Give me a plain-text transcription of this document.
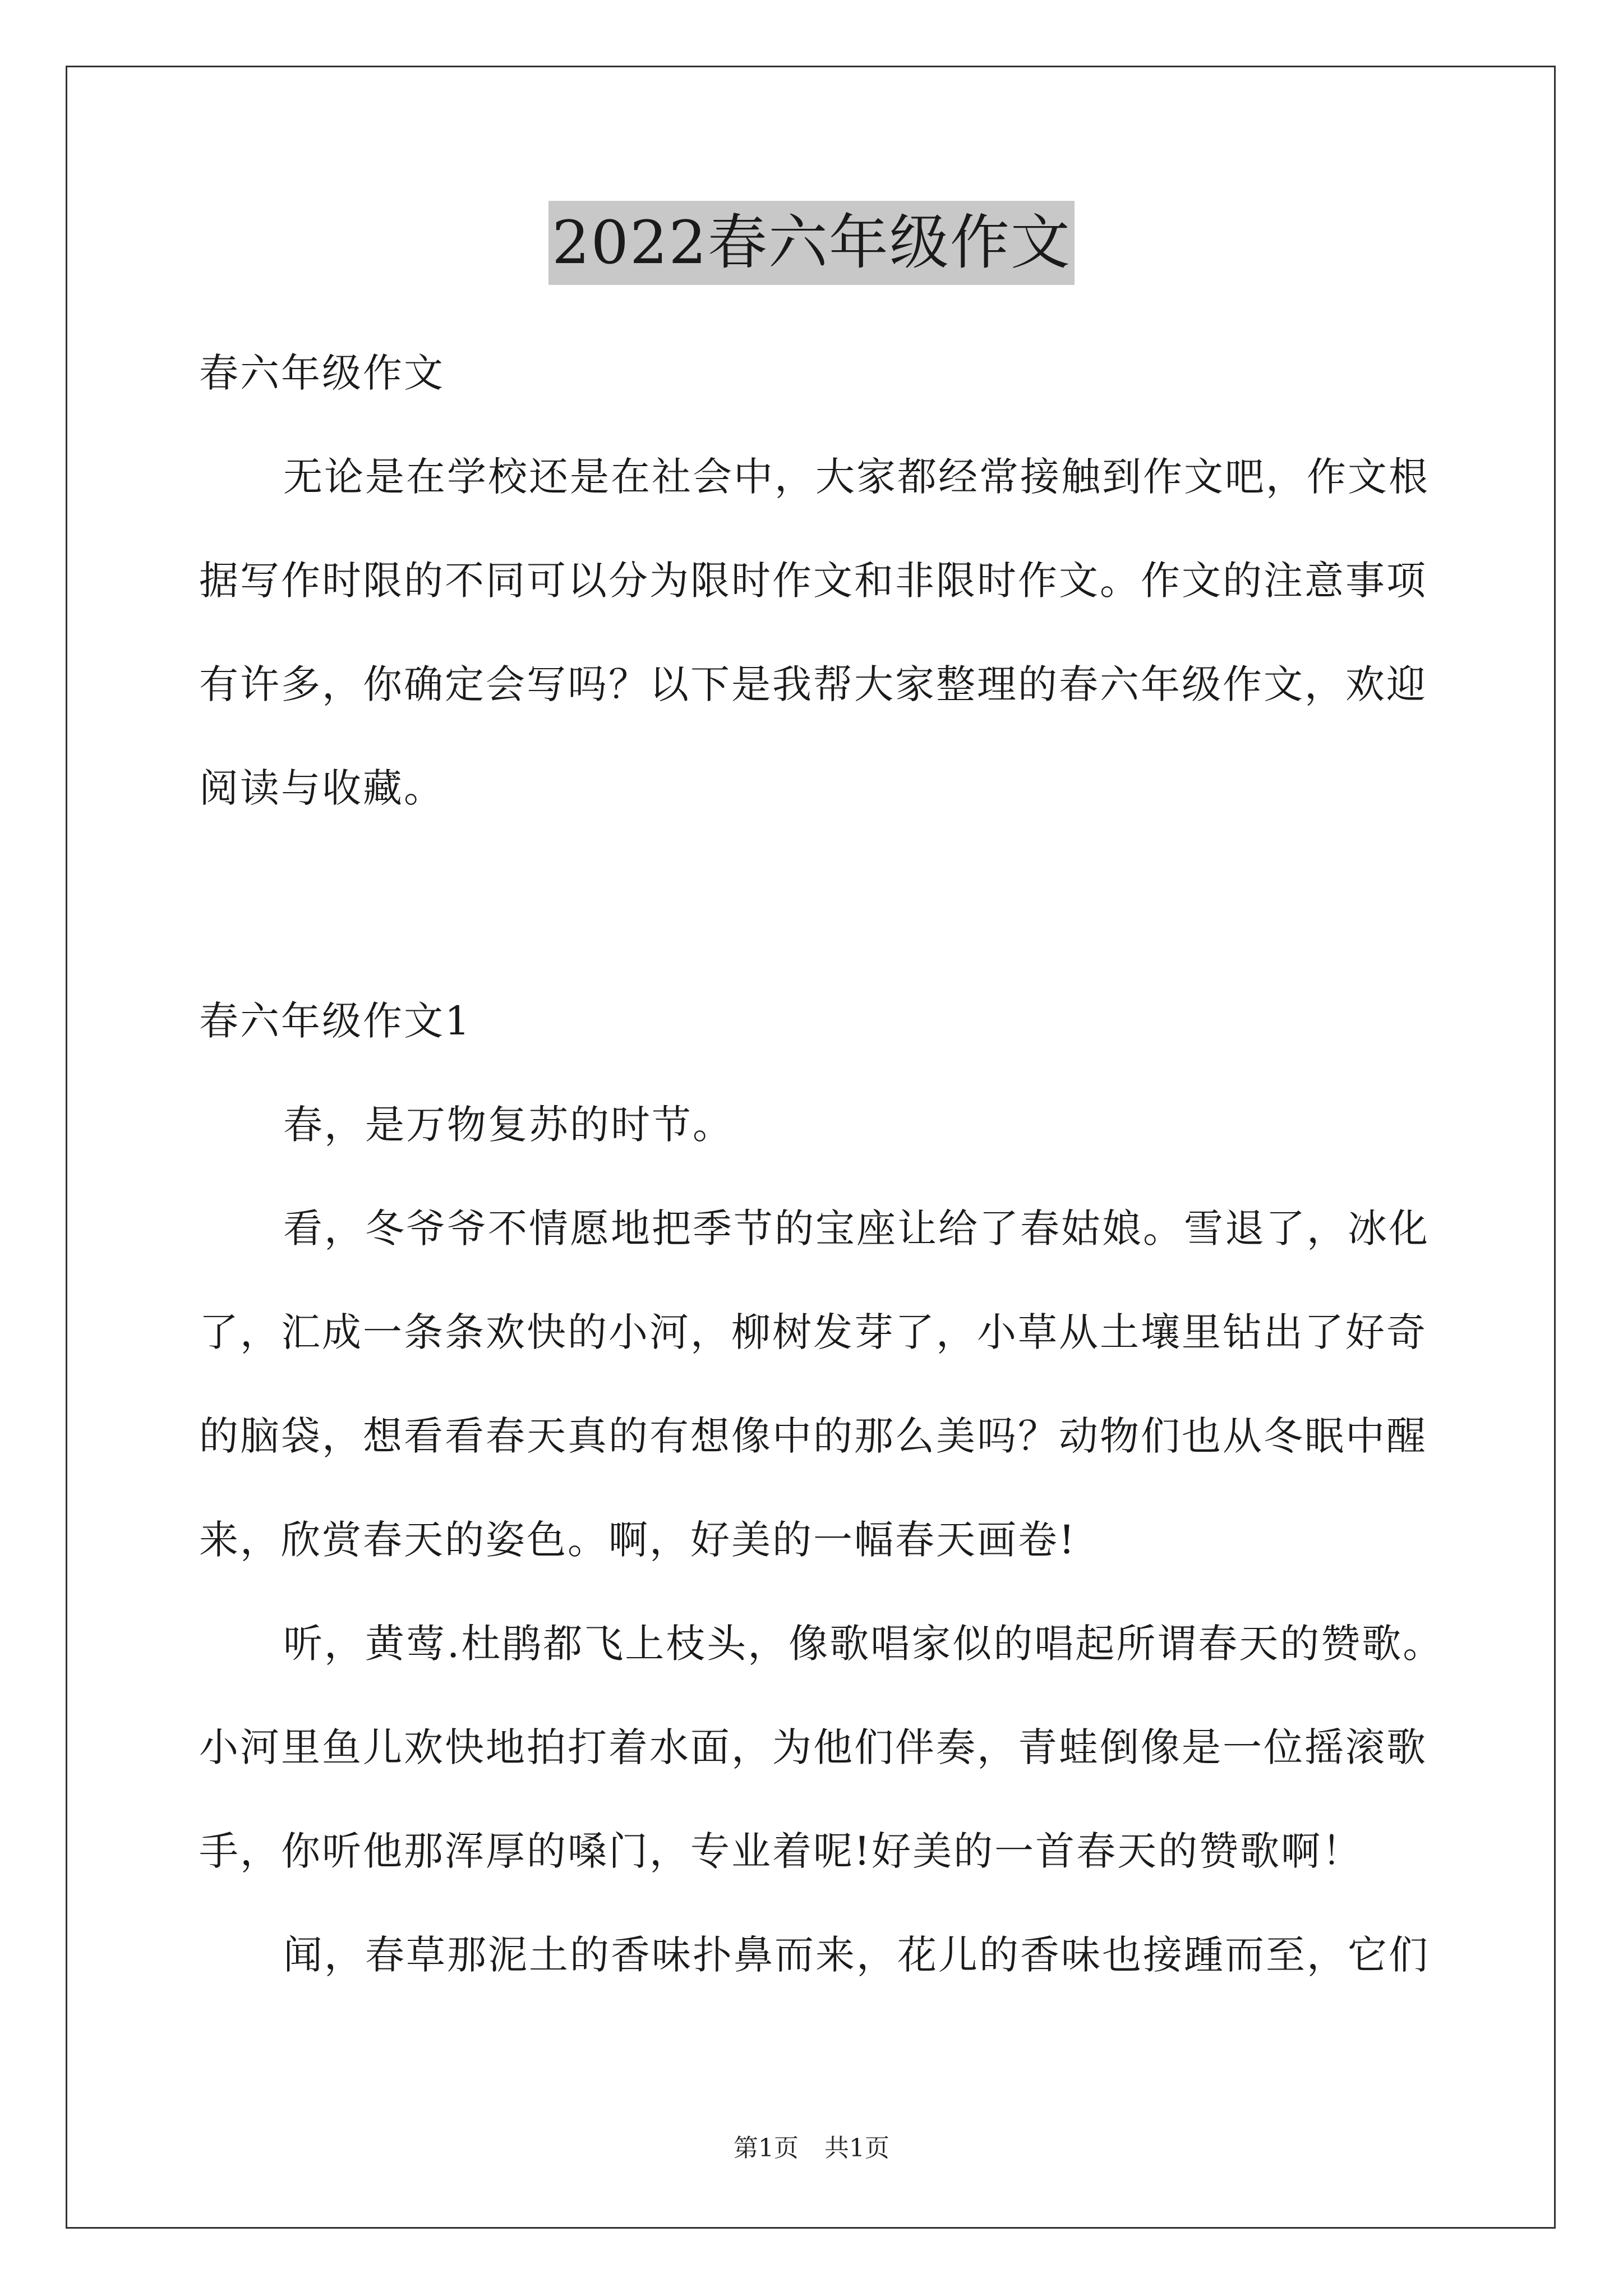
2022春六年级作文
春六年级作文
无论是在学校还是在社会中，大家都经常接触到作文吧，作文根
据写作时限的不同可以分为限时作文和非限时作文。作文的注意事项
有许多，你确定会写吗？以下是我帮大家整理的春六年级作文，欢迎
阅读与收藏。
春六年级作文1
春，是万物复苏的时节。
看，冬爷爷不情愿地把季节的宝座让给了春姑娘。雪退了，冰化
了，汇成一条条欢快的小河，柳树发芽了，小草从土壤里钻出了好奇
的脑袋，想看看春天真的有想像中的那么美吗？动物们也从冬眠中醒
来，欣赏春天的姿色。啊，好美的一幅春天画卷!
听，黄莺.杜鹃都飞上枝头，像歌唱家似的唱起所谓春天的赞歌。
小河里鱼儿欢快地拍打着水面，为他们伴奏，青蛙倒像是一位摇滚歌
手，你听他那浑厚的嗓门，专业着呢!好美的一首春天的赞歌啊！
闻，春草那泥土的香味扑鼻而来，花儿的香味也接踵而至，它们
第1页 共1页
